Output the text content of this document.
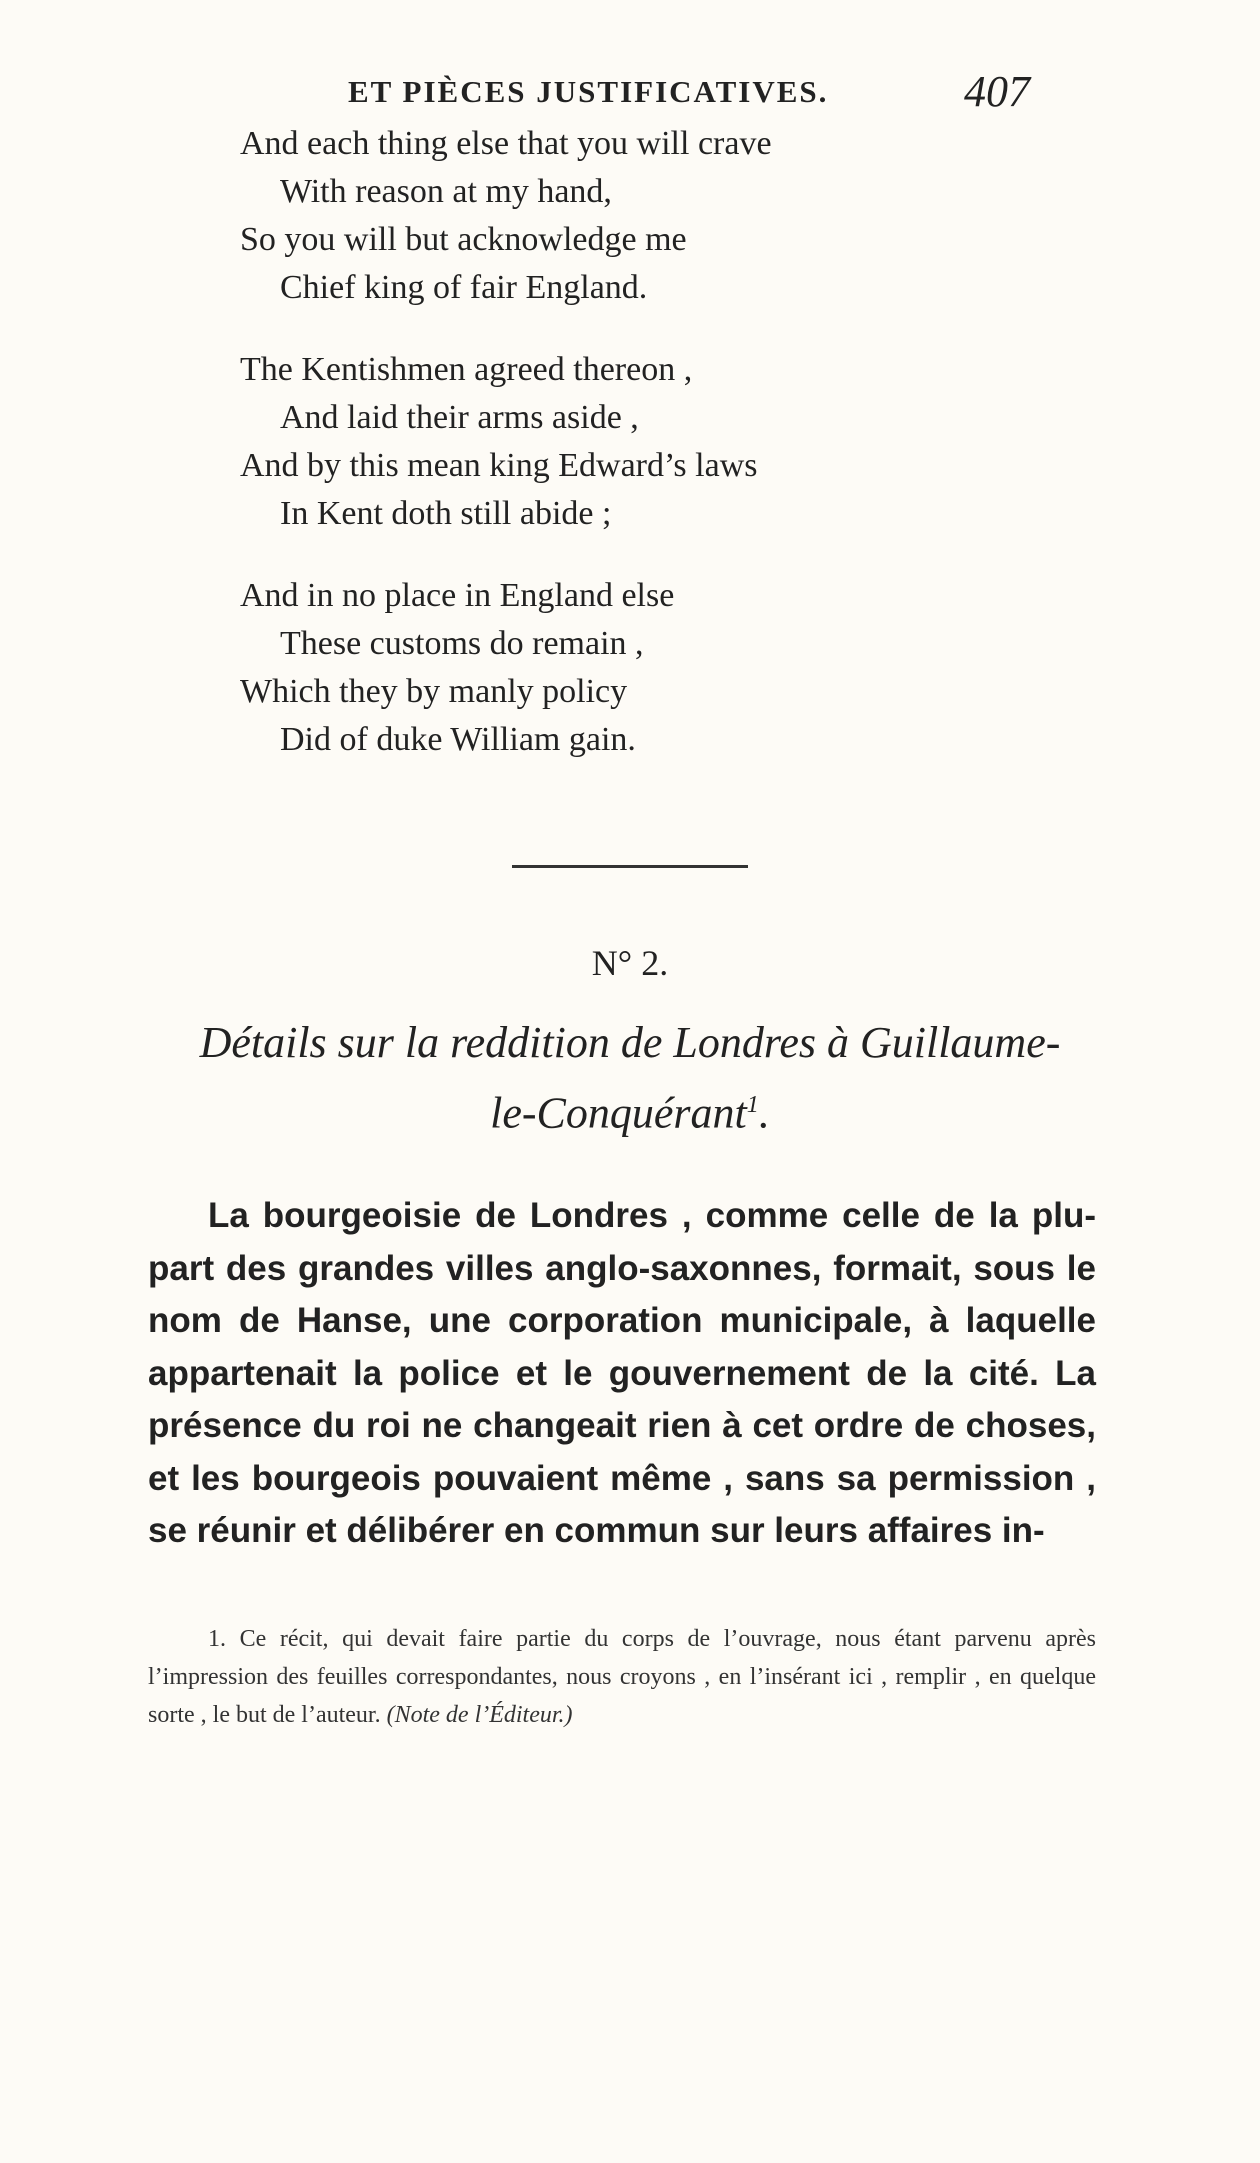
ET PIÈCES JUSTIFICATIVES.	407
And each thing else that you will crave
With reason at my hand,
So you will but acknowledge me
Chief king of fair England.
The Kentishmen agreed thereon ,
And laid their arms aside ,
And by this mean king Edward’s laws
In Kent doth still abide ;
And in no place in England else
These customs do remain ,
Which they by manly policy
Did of duke William gain.
N° 2.
Détails sur la reddition de Londres à Guillaume-
le-Conquérant$^1$.

La bourgeoisie de Londres , comme celle de la plu-part des grandes villes anglo-saxonnes, formait, sous le nom de Hanse, une corporation municipale, à laquelle appartenait la police et le gouvernement de la cité. La présence du roi ne changeait rien à cet ordre de choses, et les bourgeois pouvaient même , sans sa permission , se réunir et délibérer en commun sur leurs affaires in-

1. Ce récit, qui devait faire partie du corps de l’ouvrage, nous étant parvenu après l’impression des feuilles correspondantes, nous croyons , en l’insérant ici , remplir , en quelque sorte , le but de l’auteur. (Note de l’Éditeur.)
